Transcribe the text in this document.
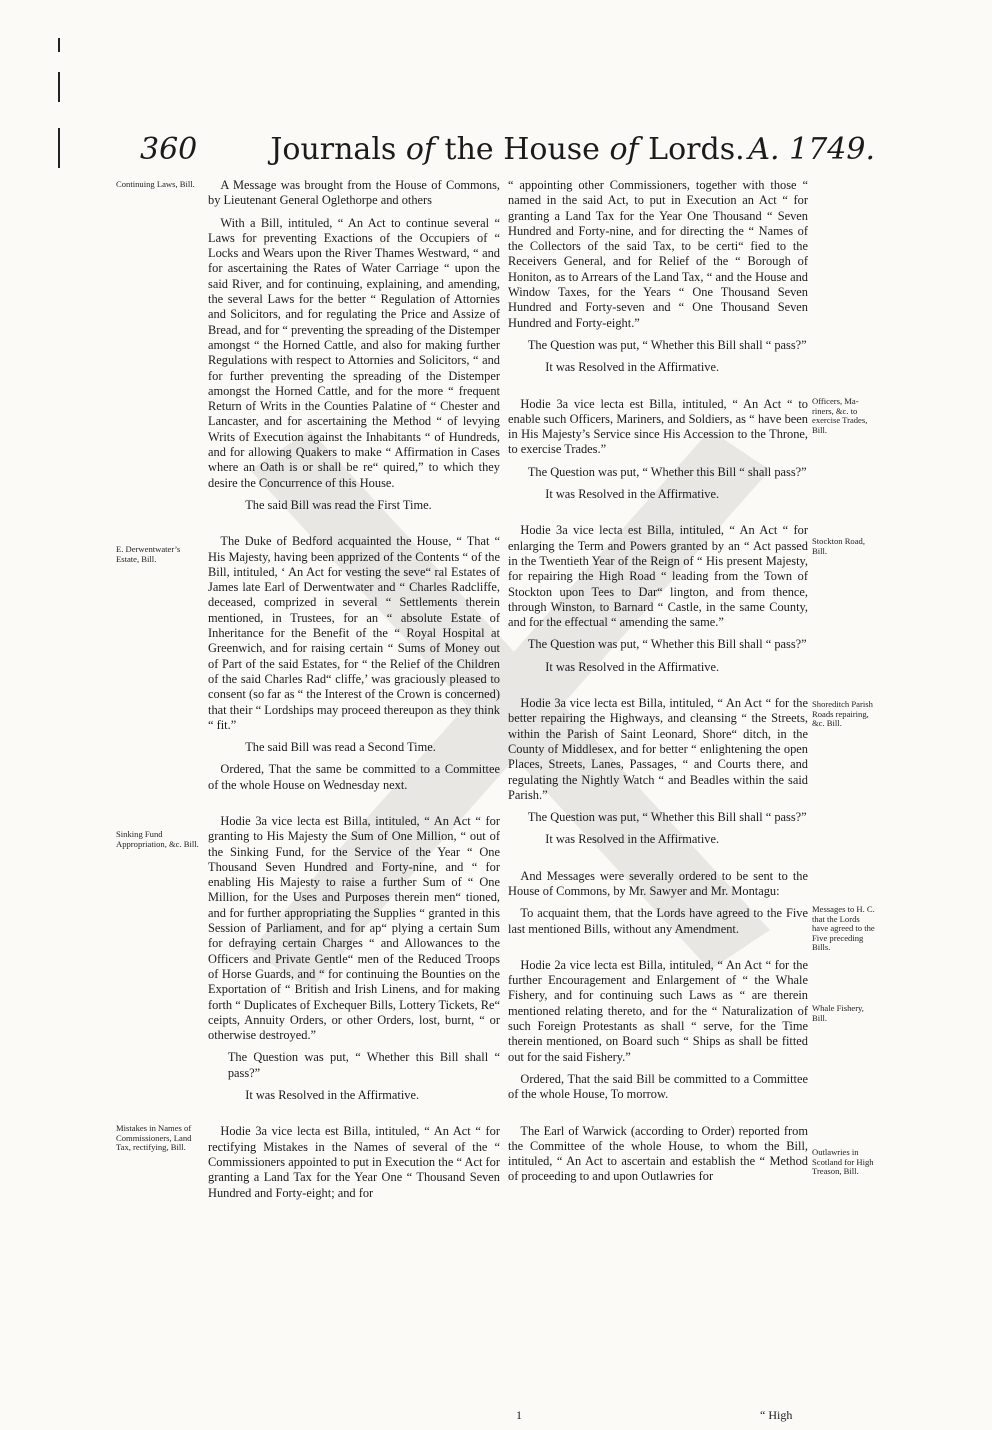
360	Journals of the House of Lords. A. 1749.

A Message was brought from the House of Commons, by Lieutenant General Oglethorpe and others

With a Bill, intituled, “ An Act to continue several “ Laws for preventing Exactions of the Occupiers of “ Locks and Wears upon the River Thames Westward, “ and for ascertaining the Rates of Water Carriage “ upon the said River, and for continuing, explaining, and amending, the several Laws for the better “ Regulation of Attornies and Solicitors, and for regulating the Price and Assize of Bread, and for “ preventing the spreading of the Distemper amongst “ the Horned Cattle, and also for making further Regulations with respect to Attornies and Solicitors, “ and for further preventing the spreading of the Distemper amongst the Horned Cattle, and for the more “ frequent Return of Writs in the Counties Palatine of “ Chester and Lancaster, and for ascertaining the Method “ of levying Writs of Execution against the Inhabitants “ of Hundreds, and for allowing Quakers to make “ Affirmation in Cases where an Oath is or shall be re“ quired,” to which they desire the Concurrence of this House.

The said Bill was read the First Time.

The Duke of Bedford acquainted the House, “ That “ His Majesty, having been apprized of the Contents “ of the Bill, intituled, ‘ An Act for vesting the seve“ ral Estates of James late Earl of Derwentwater and “ Charles Radcliffe, deceased, comprized in several “ Settlements therein mentioned, in Trustees, for an “ absolute Estate of Inheritance for the Benefit of the “ Royal Hospital at Greenwich, and for raising certain “ Sums of Money out of Part of the said Estates, for “ the Relief of the Children of the said Charles Rad“ cliffe,’ was graciously pleased to consent (so far as “ the Interest of the Crown is concerned) that their “ Lordships may proceed thereupon as they think “ fit.”

The said Bill was read a Second Time.

Ordered, That the same be committed to a Committee of the whole House on Wednesday next.

Hodie 3a vice lecta est Billa, intituled, “ An Act “ for granting to His Majesty the Sum of One Million, “ out of the Sinking Fund, for the Service of the Year “ One Thousand Seven Hundred and Forty-nine, and “ for enabling His Majesty to raise a further Sum of “ One Million, for the Uses and Purposes therein men“ tioned, and for further appropriating the Supplies “ granted in this Session of Parliament, and for ap“ plying a certain Sum for defraying certain Charges “ and Allowances to the Officers and Private Gentle“ men of the Reduced Troops of Horse Guards, and “ for continuing the Bounties on the Exportation of “ British and Irish Linens, and for making forth “ Duplicates of Exchequer Bills, Lottery Tickets, Re“ ceipts, Annuity Orders, or other Orders, lost, burnt, “ or otherwise destroyed.”

The Question was put, “ Whether this Bill shall “ pass?”

It was Resolved in the Affirmative.

Hodie 3a vice lecta est Billa, intituled, “ An Act “ for rectifying Mistakes in the Names of several of the “ Commissioners appointed to put in Execution the “ Act for granting a Land Tax for the Year One “ Thousand Seven Hundred and Forty-eight; and for

“ appointing other Commissioners, together with those “ named in the said Act, to put in Execution an Act “ for granting a Land Tax for the Year One Thousand “ Seven Hundred and Forty-nine, and for directing the “ Names of the Collectors of the said Tax, to be certi“ fied to the Receivers General, and for Relief of the “ Borough of Honiton, as to Arrears of the Land Tax, “ and the House and Window Taxes, for the Years “ One Thousand Seven Hundred and Forty-seven and “ One Thousand Seven Hundred and Forty-eight.”

The Question was put, “ Whether this Bill shall “ pass?”

It was Resolved in the Affirmative.

Hodie 3a vice lecta est Billa, intituled, “ An Act “ to enable such Officers, Mariners, and Soldiers, as “ have been in His Majesty’s Service since His Accession to the Throne, to exercise Trades.”

The Question was put, “ Whether this Bill “ shall pass?”

It was Resolved in the Affirmative.

Hodie 3a vice lecta est Billa, intituled, “ An Act “ for enlarging the Term and Powers granted by an “ Act passed in the Twentieth Year of the Reign of “ His present Majesty, for repairing the High Road “ leading from the Town of Stockton upon Tees to Dar“ lington, and from thence, through Winston, to Barnard “ Castle, in the same County, and for the effectual “ amending the same.”

The Question was put, “ Whether this Bill shall “ pass?”

It was Resolved in the Affirmative.

Hodie 3a vice lecta est Billa, intituled, “ An Act “ for the better repairing the Highways, and cleansing “ the Streets, within the Parish of Saint Leonard, Shore“ ditch, in the County of Middlesex, and for better “ enlightening the open Places, Streets, Lanes, Passages, “ and Courts there, and regulating the Nightly Watch “ and Beadles within the said Parish.”

The Question was put, “ Whether this Bill shall “ pass?”

It was Resolved in the Affirmative.

And Messages were severally ordered to be sent to the House of Commons, by Mr. Sawyer and Mr. Montagu:

To acquaint them, that the Lords have agreed to the Five last mentioned Bills, without any Amendment.

Hodie 2a vice lecta est Billa, intituled, “ An Act “ for the further Encouragement and Enlargement of “ the Whale Fishery, and for continuing such Laws as “ are therein mentioned relating thereto, and for the “ Naturalization of such Foreign Protestants as shall “ serve, for the Time therein mentioned, on Board such “ Ships as shall be fitted out for the said Fishery.”

Ordered, That the said Bill be committed to a Committee of the whole House, To morrow.

The Earl of Warwick (according to Order) reported from the Committee of the whole House, to whom the Bill, intituled, “ An Act to ascertain and establish the “ Method of proceeding to and upon Outlawries for

Continuing Laws, Bill.
E. Derwentwater’s Estate, Bill.
Sinking Fund Appropriation, &c. Bill.
Mistakes in Names of Commissioners, Land Tax, rectifying, Bill.
Officers, Mariners, &c. to exercise Trades, Bill.
Stockton Road, Bill.
Shoreditch Parish Roads repairing, &c. Bill.
Messages to H. C. that the Lords have agreed to the Five preceding Bills.
Whale Fishery, Bill.
Outlawries in Scotland for High Treason, Bill.
1	“ High
